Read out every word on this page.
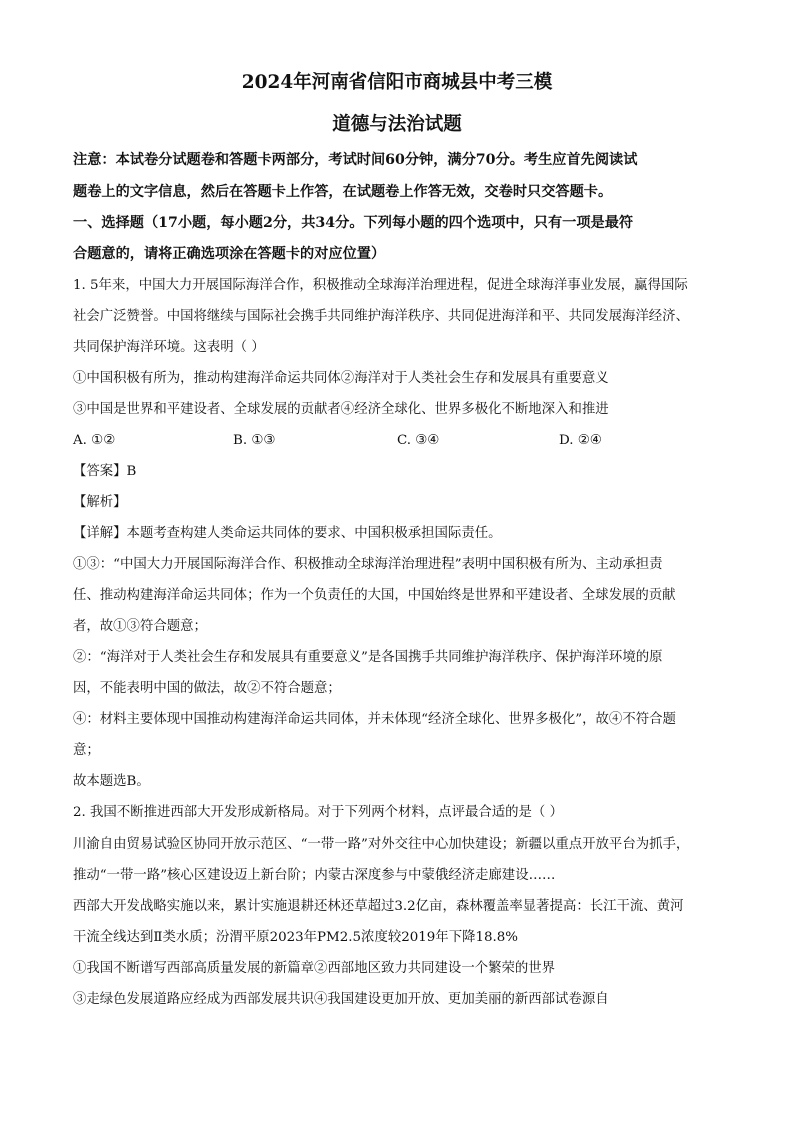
2024年河南省信阳市商城县中考三模
道德与法治试题
注意：本试卷分试题卷和答题卡两部分，考试时间60分钟，满分70分。考生应首先阅读试
题卷上的文字信息，然后在答题卡上作答，在试题卷上作答无效，交卷时只交答题卡。
一、选择题（17小题，每小题2分，共34分。下列每小题的四个选项中，只有一项是最符
合题意的，请将正确选项涂在答题卡的对应位置）
1. 5年来，中国大力开展国际海洋合作，积极推动全球海洋治理进程，促进全球海洋事业发展，赢得国际
社会广泛赞誉。中国将继续与国际社会携手共同维护海洋秩序、共同促进海洋和平、共同发展海洋经济、
共同保护海洋环境。这表明（ ）
①中国积极有所为，推动构建海洋命运共同体②海洋对于人类社会生存和发展具有重要意义
③中国是世界和平建设者、全球发展的贡献者④经济全球化、世界多极化不断地深入和推进
A. ①②	B. ①③	C. ③④	D. ②④
【答案】B
【解析】
【详解】本题考查构建人类命运共同体的要求、中国积极承担国际责任。
①③：“中国大力开展国际海洋合作、积极推动全球海洋治理进程”表明中国积极有所为、主动承担责
任、推动构建海洋命运共同体；作为一个负责任的大国，中国始终是世界和平建设者、全球发展的贡献
者，故①③符合题意；
②：“海洋对于人类社会生存和发展具有重要意义”是各国携手共同维护海洋秩序、保护海洋环境的原
因，不能表明中国的做法，故②不符合题意；
④：材料主要体现中国推动构建海洋命运共同体，并未体现“经济全球化、世界多极化”，故④不符合题
意；
故本题选B。
2. 我国不断推进西部大开发形成新格局。对于下列两个材料，点评最合适的是（ ）
川渝自由贸易试验区协同开放示范区、“一带一路”对外交往中心加快建设；新疆以重点开放平台为抓手，
推动“一带一路”核心区建设迈上新台阶；内蒙古深度参与中蒙俄经济走廊建设……
西部大开发战略实施以来，累计实施退耕还林还草超过3.2亿亩，森林覆盖率显著提高：长江干流、黄河
干流全线达到Ⅱ类水质；汾渭平原2023年PM2.5浓度较2019年下降18.8%
①我国不断谱写西部高质量发展的新篇章②西部地区致力共同建设一个繁荣的世界
③走绿色发展道路应经成为西部发展共识④我国建设更加开放、更加美丽的新西部试卷源自
